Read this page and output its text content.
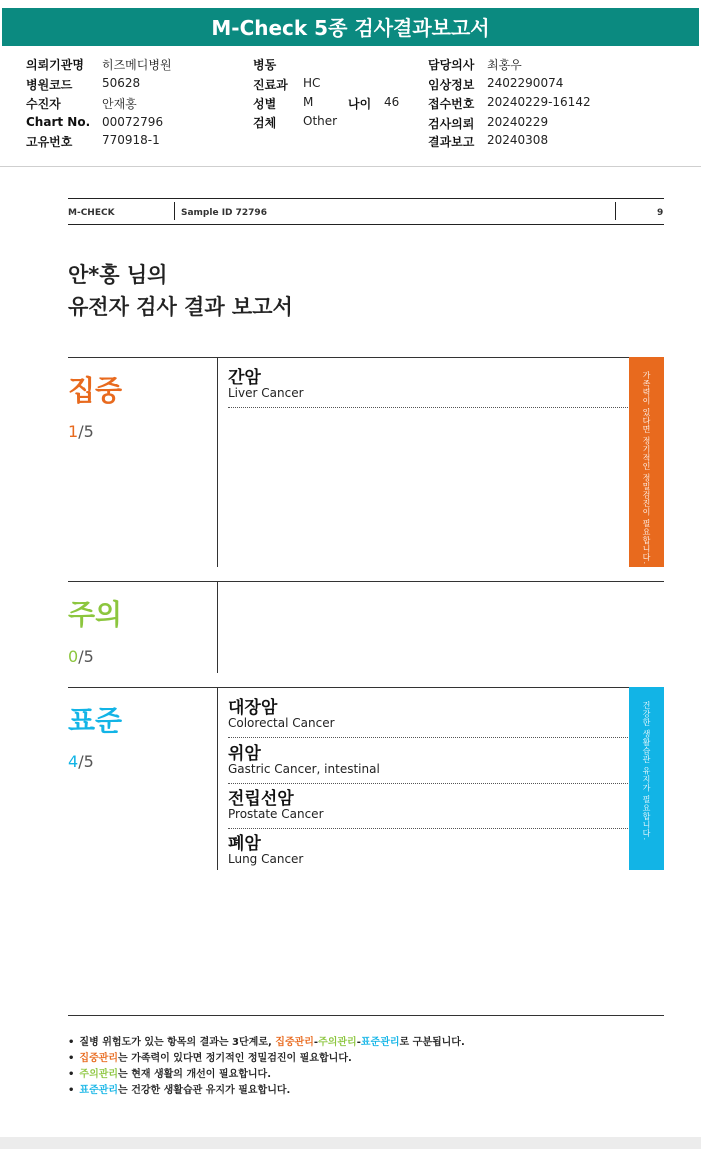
M-Check 5종 검사결과보고서
의뢰기관명 히즈메디병원
병원코드 50628
수진자	안재홍
Chart No. 00072796
고유번호 770918-1
병동
진료과 HC
성별 M	나이 46
검체 Other
담당의사 최홍우
임상정보 2402290074
접수번호 20240229-16142
검사의뢰 20240229
결과보고 20240308
M-CHECK	Sample ID 72796	9
안*홍 님의
유전자 검사 결과 보고서
집중
1/5
간암
Liver Cancer	가족력이 있다면 정기적인 정밀검진이 필요합니다.
주의
0/5
표준
4/5
대장암
Colorectal Cancer
위암
Gastric Cancer, intestinal
전립선암
Prostate Cancer
폐암
Lung Cancer
건강한 생활습관 유지가 필요합니다.
• 질병 위험도가 있는 항목의 결과는 3단계로, 집중관리-주의관리-표준관리로 구분됩니다.
• 집중관리는 가족력이 있다면 정기적인 정밀검진이 필요합니다.
• 주의관리는 현재 생활의 개선이 필요합니다.
• 표준관리는 건강한 생활습관 유지가 필요합니다.
